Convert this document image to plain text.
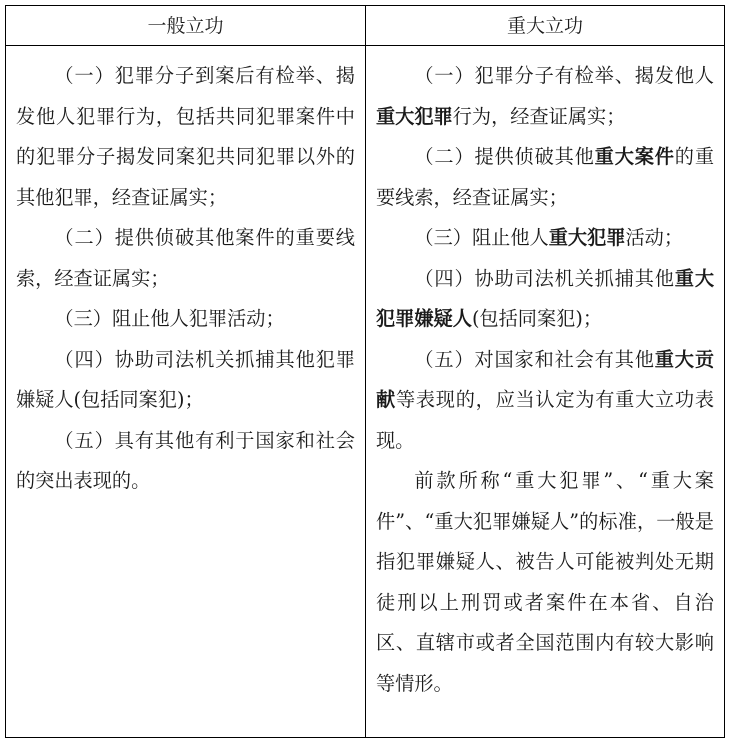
一般立功	重大立功

（一）犯罪分子到案后有检举、揭发他人犯罪行为，包括共同犯罪案件中的犯罪分子揭发同案犯共同犯罪以外的其他犯罪，经查证属实；

（二）提供侦破其他案件的重要线索，经查证属实；

（三）阻止他人犯罪活动；

（四）协助司法机关抓捕其他犯罪嫌疑人(包括同案犯)；

（五）具有其他有利于国家和社会的突出表现的。

（一）犯罪分子有检举、揭发他人重大犯罪行为，经查证属实；

（二）提供侦破其他重大案件的重要线索，经查证属实；

（三）阻止他人重大犯罪活动；

（四）协助司法机关抓捕其他重大犯罪嫌疑人(包括同案犯)；

（五）对国家和社会有其他重大贡献等表现的，应当认定为有重大立功表现。

前款所称“重大犯罪”、“重大案件”、“重大犯罪嫌疑人”的标准，一般是指犯罪嫌疑人、被告人可能被判处无期徒刑以上刑罚或者案件在本省、自治区、直辖市或者全国范围内有较大影响等情形。
